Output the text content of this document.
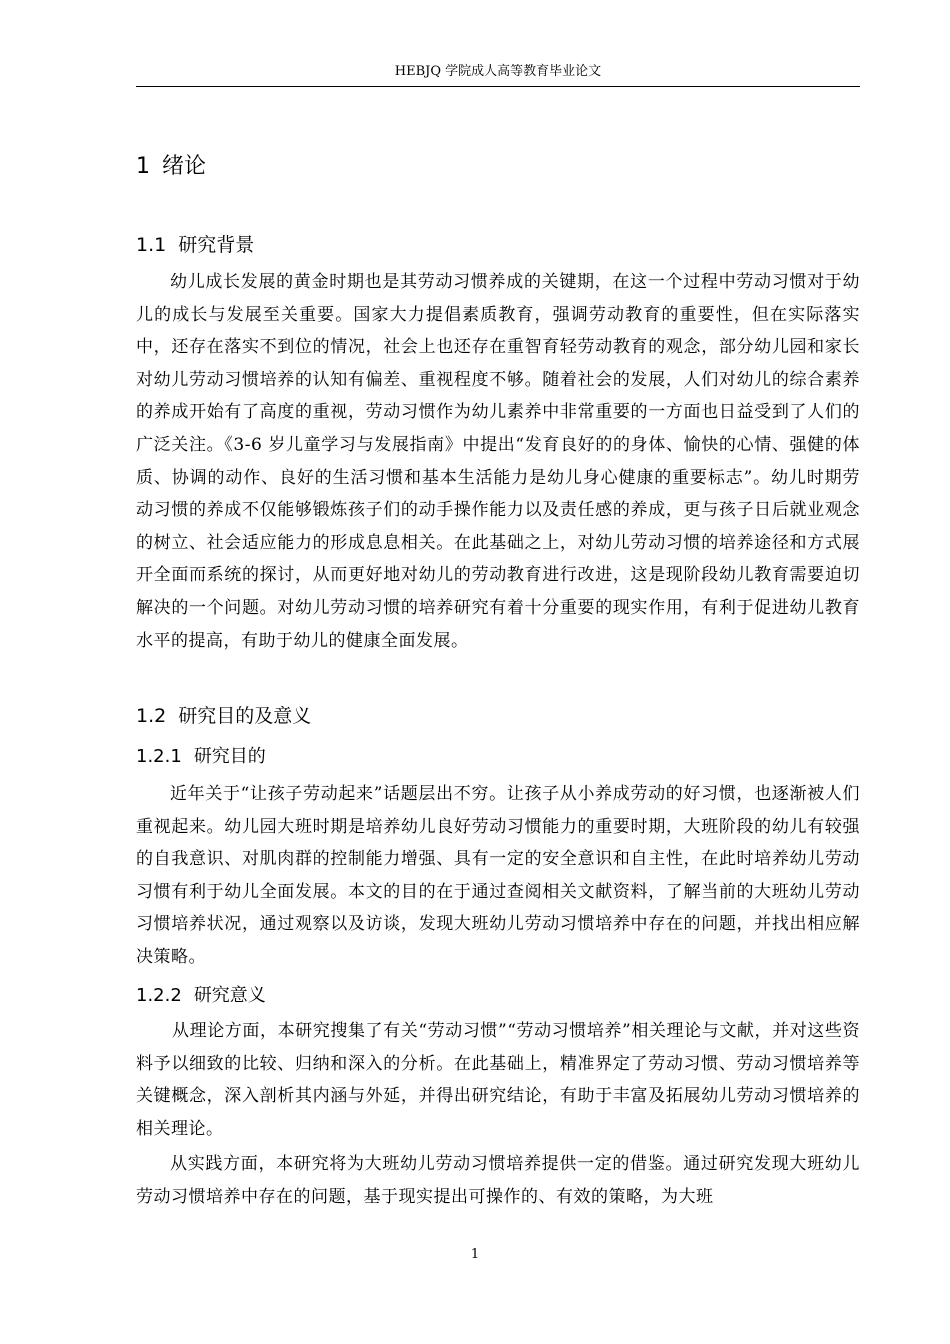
HEBJQ 学院成人高等教育毕业论文
1 绪论
1.1 研究背景

幼儿成长发展的黄金时期也是其劳动习惯养成的关键期，在这一个过程中劳动习惯对于幼儿的成长与发展至关重要。国家大力提倡素质教育，强调劳动教育的重要性，但在实际落实中，还存在落实不到位的情况，社会上也还存在重智育轻劳动教育的观念，部分幼儿园和家长对幼儿劳动习惯培养的认知有偏差、重视程度不够。随着社会的发展，人们对幼儿的综合素养的养成开始有了高度的重视，劳动习惯作为幼儿素养中非常重要的一方面也日益受到了人们的广泛关注。《3-6 岁儿童学习与发展指南》中提出“发育良好的的身体、愉快的心情、强健的体质、协调的动作、良好的生活习惯和基本生活能力是幼儿身心健康的重要标志”。幼儿时期劳动习惯的养成不仅能够锻炼孩子们的动手操作能力以及责任感的养成，更与孩子日后就业观念的树立、社会适应能力的形成息息相关。在此基础之上，对幼儿劳动习惯的培养途径和方式展开全面而系统的探讨，从而更好地对幼儿的劳动教育进行改进，这是现阶段幼儿教育需要迫切解决的一个问题。对幼儿劳动习惯的培养研究有着十分重要的现实作用，有利于促进幼儿教育水平的提高，有助于幼儿的健康全面发展。

1.2 研究目的及意义
1.2.1 研究目的

近年关于“让孩子劳动起来”话题层出不穷。让孩子从小养成劳动的好习惯，也逐渐被人们重视起来。幼儿园大班时期是培养幼儿良好劳动习惯能力的重要时期，大班阶段的幼儿有较强的自我意识、对肌肉群的控制能力增强、具有一定的安全意识和自主性，在此时培养幼儿劳动习惯有利于幼儿全面发展。本文的目的在于通过查阅相关文献资料，了解当前的大班幼儿劳动习惯培养状况，通过观察以及访谈，发现大班幼儿劳动习惯培养中存在的问题，并找出相应解决策略。

1.2.2 研究意义

从理论方面，本研究搜集了有关“劳动习惯”“劳动习惯培养”相关理论与文献，并对这些资料予以细致的比较、归纳和深入的分析。在此基础上，精准界定了劳动习惯、劳动习惯培养等关键概念，深入剖析其内涵与外延，并得出研究结论，有助于丰富及拓展幼儿劳动习惯培养的相关理论。

从实践方面，本研究将为大班幼儿劳动习惯培养提供一定的借鉴。通过研究发现大班幼儿劳动习惯培养中存在的问题，基于现实提出可操作的、有效的策略，为大班

1
